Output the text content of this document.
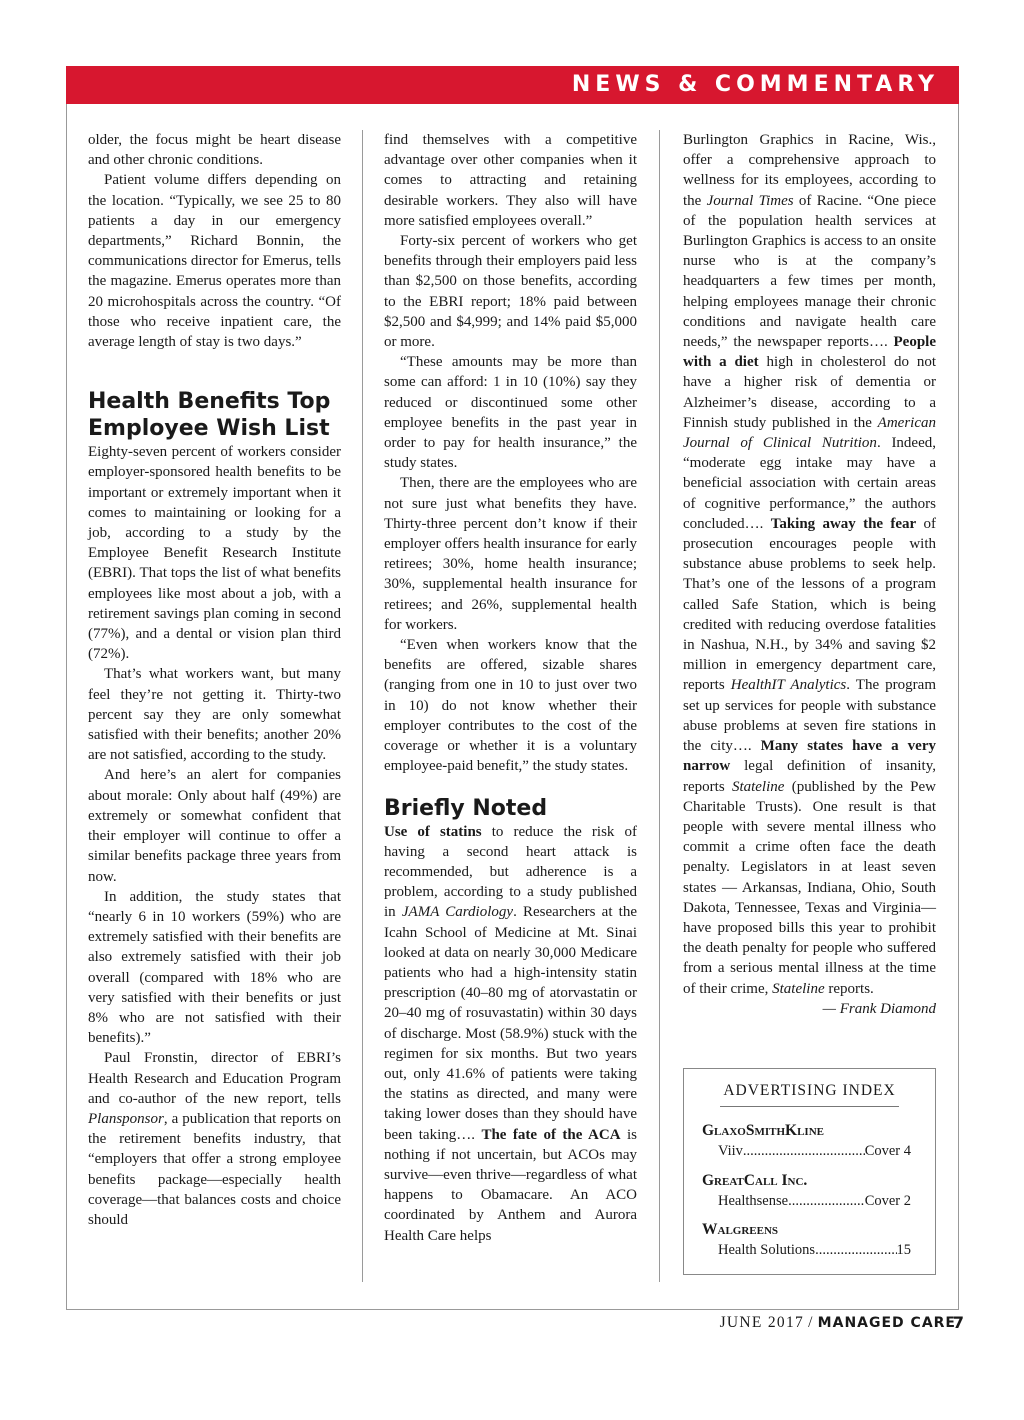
NEWS & COMMENTARY

older, the focus might be heart disease and other chronic conditions.

Patient volume differs depending on the location. “Typically, we see 25 to 80 patients a day in our emergency departments,” Richard Bonnin, the communications director for Emerus, tells the magazine. Emerus operates more than 20 microhospitals across the country. “Of those who receive inpatient care, the average length of stay is two days.”

Health Benefits Top Employee Wish List

Eighty-seven percent of workers consider employer-sponsored health benefits to be important or extremely important when it comes to maintaining or looking for a job, according to a study by the Employee Benefit Research Institute (EBRI). That tops the list of what benefits employees like most about a job, with a retirement savings plan coming in second (77%), and a dental or vision plan third (72%).

That’s what workers want, but many feel they’re not getting it. Thirty-two percent say they are only somewhat satisfied with their benefits; another 20% are not satisfied, according to the study.

And here’s an alert for companies about morale: Only about half (49%) are extremely or somewhat confident that their employer will continue to offer a similar benefits package three years from now.

In addition, the study states that “nearly 6 in 10 workers (59%) who are extremely satisfied with their benefits are also extremely satisfied with their job overall (compared with 18% who are very satisfied with their benefits or just 8% who are not satisfied with their benefits).”

Paul Fronstin, director of EBRI’s Health Research and Education Program and co-author of the new report, tells Plansponsor, a publication that reports on the retirement benefits industry, that “employers that offer a strong employee benefits package—especially health coverage—that balances costs and choice should

find themselves with a competitive advantage over other companies when it comes to attracting and retaining desirable workers. They also will have more satisfied employees overall.”

Forty-six percent of workers who get benefits through their employers paid less than $2,500 on those benefits, according to the EBRI report; 18% paid between $2,500 and $4,999; and 14% paid $5,000 or more.

“These amounts may be more than some can afford: 1 in 10 (10%) say they reduced or discontinued some other employee benefits in the past year in order to pay for health insurance,” the study states.

Then, there are the employees who are not sure just what benefits they have. Thirty-three percent don’t know if their employer offers health insurance for early retirees; 30%, home health insurance; 30%, supplemental health insurance for retirees; and 26%, supplemental health for workers.

“Even when workers know that the benefits are offered, sizable shares (ranging from one in 10 to just over two in 10) do not know whether their employer contributes to the cost of the coverage or whether it is a voluntary employee-paid benefit,” the study states.

Briefly Noted

Use of statins to reduce the risk of having a second heart attack is recommended, but adherence is a problem, according to a study published in JAMA Cardiology. Researchers at the Icahn School of Medicine at Mt. Sinai looked at data on nearly 30,000 Medicare patients who had a high-intensity statin prescription (40–80 mg of atorvastatin or 20–40 mg of rosuvastatin) within 30 days of discharge. Most (58.9%) stuck with the regimen for six months. But two years out, only 41.6% of patients were taking the statins as directed, and many were taking lower doses than they should have been taking…. The fate of the ACA is nothing if not uncertain, but ACOs may survive—even thrive—regardless of what happens to Obamacare. An ACO coordinated by Anthem and Aurora Health Care helps

Burlington Graphics in Racine, Wis., offer a comprehensive approach to wellness for its employees, according to the Journal Times of Racine. “One piece of the population health services at Burlington Graphics is access to an onsite nurse who is at the company’s headquarters a few times per month, helping employees manage their chronic conditions and navigate health care needs,” the newspaper reports…. People with a diet high in cholesterol do not have a higher risk of dementia or Alzheimer’s disease, according to a Finnish study published in the American Journal of Clinical Nutrition. Indeed, “moderate egg intake may have a beneficial association with certain areas of cognitive performance,” the authors concluded…. Taking away the fear of prosecution encourages people with substance abuse problems to seek help. That’s one of the lessons of a program called Safe Station, which is being credited with reducing overdose fatalities in Nashua, N.H., by 34% and saving $2 million in emergency department care, reports HealthIT Analytics. The program set up services for people with substance abuse problems at seven fire stations in the city…. Many states have a very narrow legal definition of insanity, reports Stateline (published by the Pew Charitable Trusts). One result is that people with severe mental illness who commit a crime often face the death penalty. Legislators in at least seven states — Arkansas, Indiana, Ohio, South Dakota, Tennessee, Texas and Virginia—have proposed bills this year to prohibit the death penalty for people who suffered from a serious mental illness at the time of their crime, Stateline reports.

— Frank Diamond

ADVERTISING INDEX
GlaxoSmithKline
Viiv .....	Cover 4
GreatCall Inc.
Healthsense .....	Cover 2
Walgreens
Health Solutions .....	15
JUNE 2017 / MANAGED CARE
7
